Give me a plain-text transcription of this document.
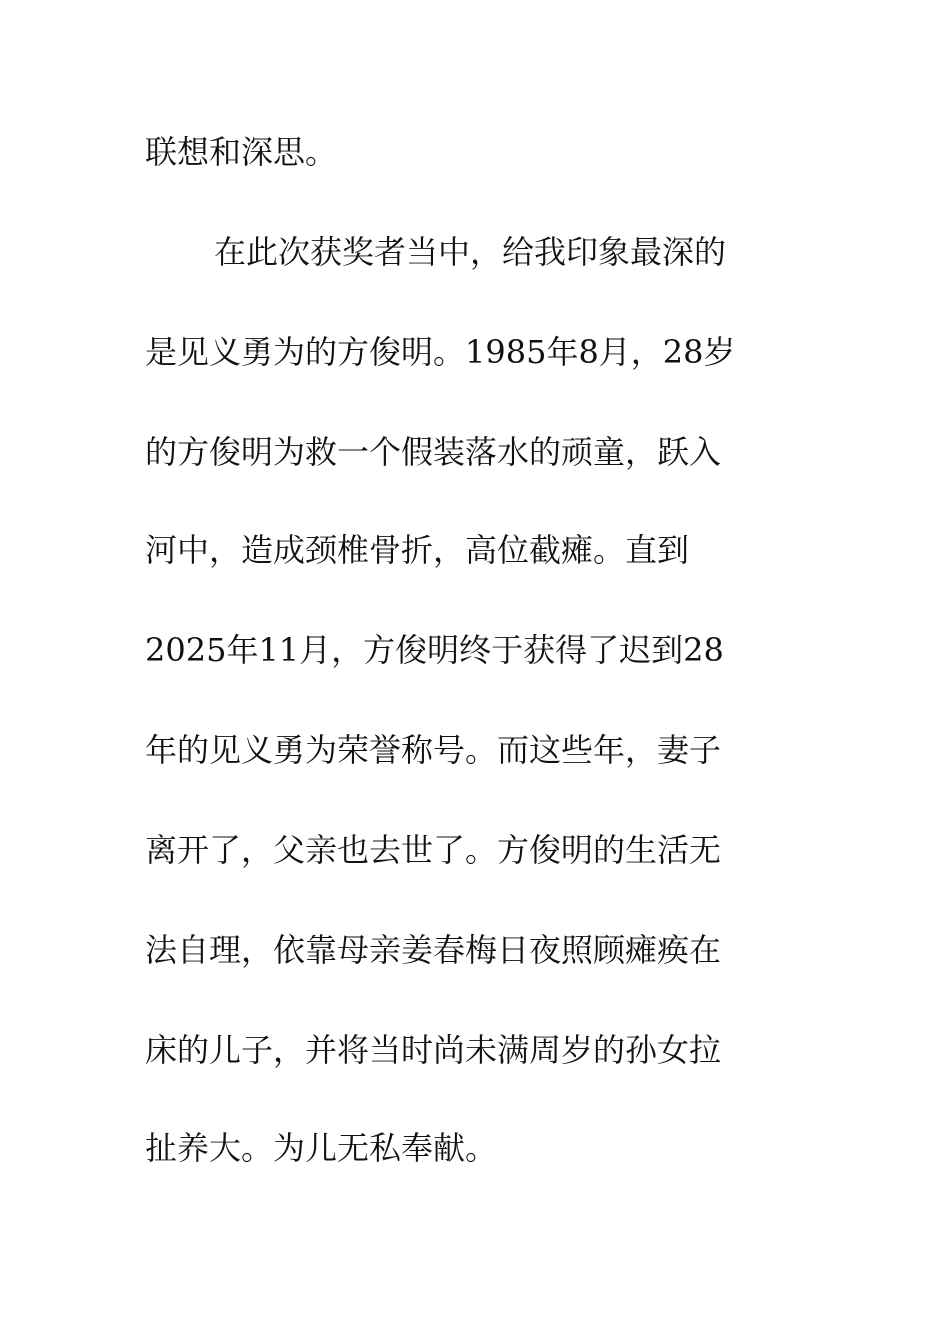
联想和深思。
在此次获奖者当中，给我印象最深的
是见义勇为的方俊明。1985年8月，28岁
的方俊明为救一个假装落水的顽童，跃入
河中，造成颈椎骨折，高位截瘫。直到
2025年11月，方俊明终于获得了迟到28
年的见义勇为荣誉称号。而这些年，妻子
离开了，父亲也去世了。方俊明的生活无
法自理，依靠母亲姜春梅日夜照顾瘫痪在
床的儿子，并将当时尚未满周岁的孙女拉
扯养大。为儿无私奉献。
